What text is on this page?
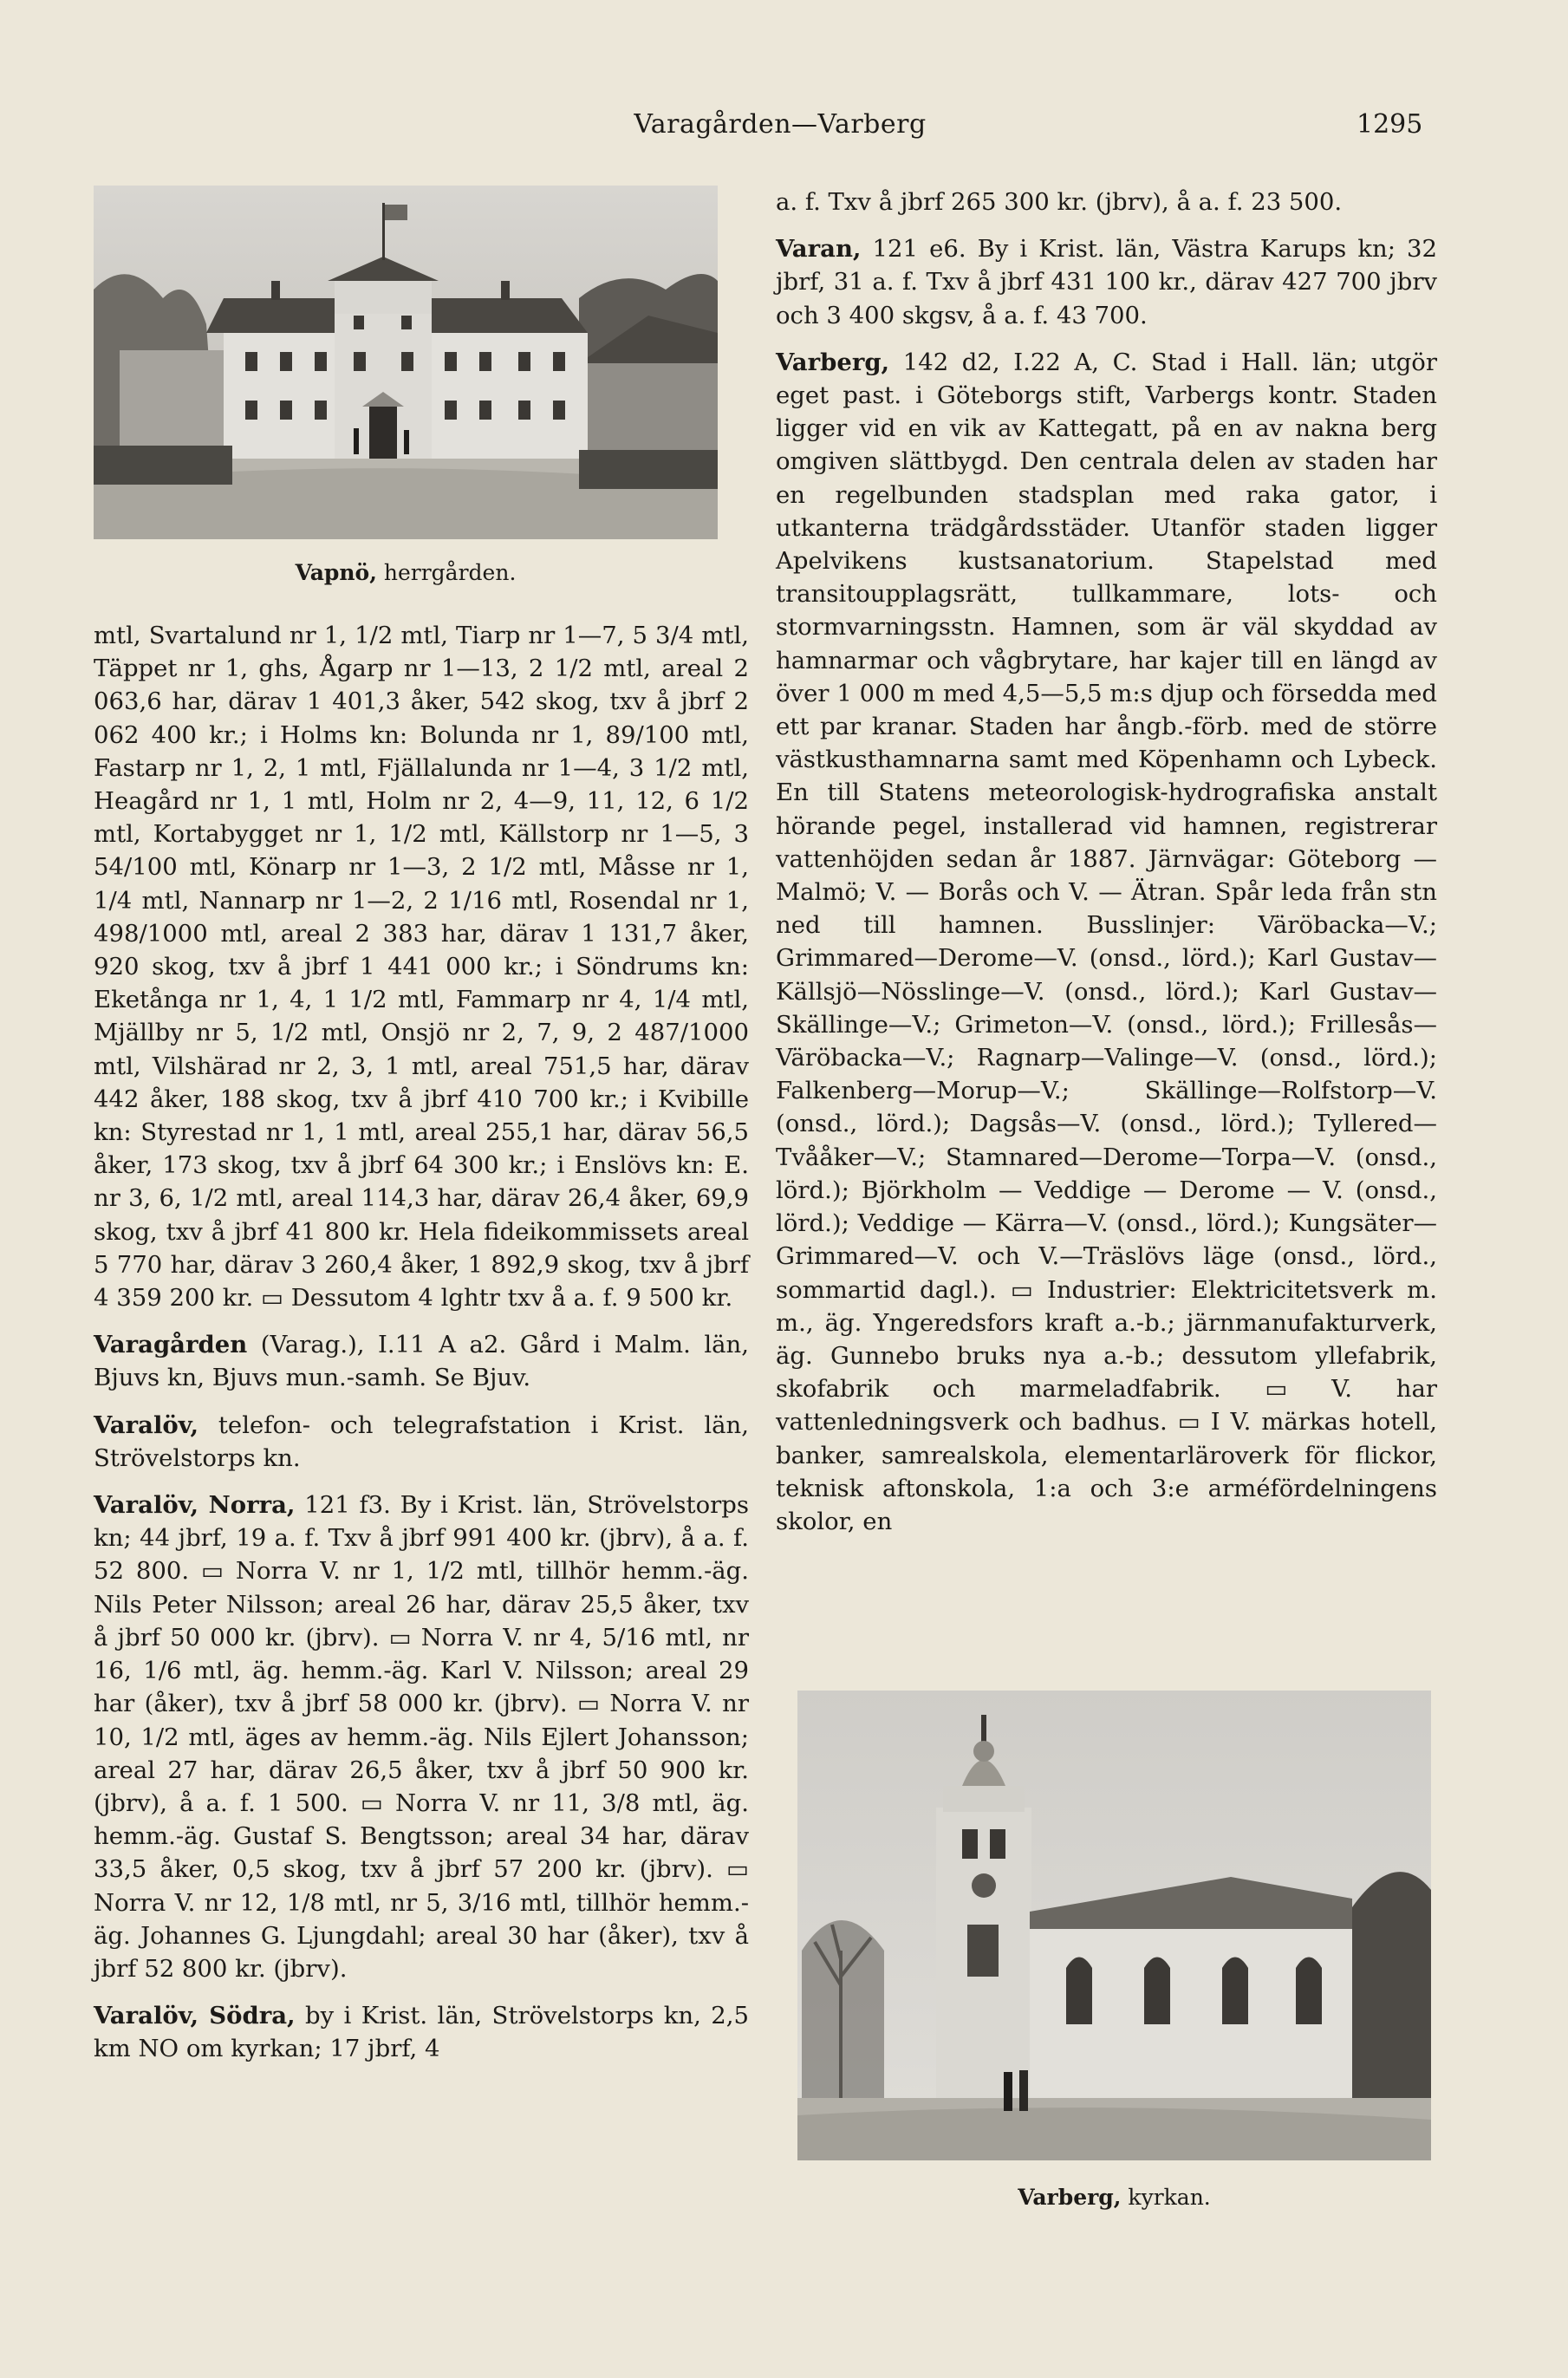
Varagården—Varberg	1295
Vapnö, herrgården.

mtl, Svartalund nr 1, 1/2 mtl, Tiarp nr 1—7, 5 3/4 mtl, Täppet nr 1, ghs, Ågarp nr 1—13, 2 1/2 mtl, areal 2 063,6 har, därav 1 401,3 åker, 542 skog, txv å jbrf 2 062 400 kr.; i Holms kn: Bolunda nr 1, 89/100 mtl, Fastarp nr 1, 2, 1 mtl, Fjällalunda nr 1—4, 3 1/2 mtl, Heagård nr 1, 1 mtl, Holm nr 2, 4—9, 11, 12, 6 1/2 mtl, Kortabygget nr 1, 1/2 mtl, Källstorp nr 1—5, 3 54/100 mtl, Könarp nr 1—3, 2 1/2 mtl, Måsse nr 1, 1/4 mtl, Nannarp nr 1—2, 2 1/16 mtl, Rosendal nr 1, 498/1000 mtl, areal 2 383 har, därav 1 131,7 åker, 920 skog, txv å jbrf 1 441 000 kr.; i Söndrums kn: Eketånga nr 1, 4, 1 1/2 mtl, Fammarp nr 4, 1/4 mtl, Mjällby nr 5, 1/2 mtl, Onsjö nr 2, 7, 9, 2 487/1000 mtl, Vilshärad nr 2, 3, 1 mtl, areal 751,5 har, därav 442 åker, 188 skog, txv å jbrf 410 700 kr.; i Kvibille kn: Styrestad nr 1, 1 mtl, areal 255,1 har, därav 56,5 åker, 173 skog, txv å jbrf 64 300 kr.; i Enslövs kn: E. nr 3, 6, 1/2 mtl, areal 114,3 har, därav 26,4 åker, 69,9 skog, txv å jbrf 41 800 kr. Hela fideikommissets areal 5 770 har, därav 3 260,4 åker, 1 892,9 skog, txv å jbrf 4 359 200 kr. ▭ Dessutom 4 lghtr txv å a. f. 9 500 kr.

Varagården (Varag.), I.11 A a2. Gård i Malm. län, Bjuvs kn, Bjuvs mun.-samh. Se Bjuv.

Varalöv, telefon- och telegrafstation i Krist. län, Strövelstorps kn.

Varalöv, Norra, 121 f3. By i Krist. län, Strövelstorps kn; 44 jbrf, 19 a. f. Txv å jbrf 991 400 kr. (jbrv), å a. f. 52 800. ▭ Norra V. nr 1, 1/2 mtl, tillhör hemm.-äg. Nils Peter Nilsson; areal 26 har, därav 25,5 åker, txv å jbrf 50 000 kr. (jbrv). ▭ Norra V. nr 4, 5/16 mtl, nr 16, 1/6 mtl, äg. hemm.-äg. Karl V. Nilsson; areal 29 har (åker), txv å jbrf 58 000 kr. (jbrv). ▭ Norra V. nr 10, 1/2 mtl, äges av hemm.-äg. Nils Ejlert Johansson; areal 27 har, därav 26,5 åker, txv å jbrf 50 900 kr. (jbrv), å a. f. 1 500. ▭ Norra V. nr 11, 3/8 mtl, äg. hemm.-äg. Gustaf S. Bengtsson; areal 34 har, därav 33,5 åker, 0,5 skog, txv å jbrf 57 200 kr. (jbrv). ▭ Norra V. nr 12, 1/8 mtl, nr 5, 3/16 mtl, tillhör hemm.-äg. Johannes G. Ljungdahl; areal 30 har (åker), txv å jbrf 52 800 kr. (jbrv).

Varalöv, Södra, by i Krist. län, Strövelstorps kn, 2,5 km NO om kyrkan; 17 jbrf, 4

a. f. Txv å jbrf 265 300 kr. (jbrv), å a. f. 23 500.

Varan, 121 e6. By i Krist. län, Västra Karups kn; 32 jbrf, 31 a. f. Txv å jbrf 431 100 kr., därav 427 700 jbrv och 3 400 skgsv, å a. f. 43 700.

Varberg, 142 d2, I.22 A, C. Stad i Hall. län; utgör eget past. i Göteborgs stift, Varbergs kontr. Staden ligger vid en vik av Kattegatt, på en av nakna berg omgiven slättbygd. Den centrala delen av staden har en regelbunden stadsplan med raka gator, i utkanterna trädgårdsstäder. Utanför staden ligger Apelvikens kustsanatorium. Stapelstad med transitoupplagsrätt, tullkammare, lots- och stormvarningsstn. Hamnen, som är väl skyddad av hamnarmar och vågbrytare, har kajer till en längd av över 1 000 m med 4,5—5,5 m:s djup och försedda med ett par kranar. Staden har ångb.-förb. med de större västkusthamnarna samt med Köpenhamn och Lybeck. En till Statens meteorologisk-hydrografiska anstalt hörande pegel, installerad vid hamnen, registrerar vattenhöjden sedan år 1887. Järnvägar: Göteborg — Malmö; V. — Borås och V. — Ätran. Spår leda från stn ned till hamnen. Busslinjer: Väröbacka—V.; Grimmared—Derome—V. (onsd., lörd.); Karl Gustav—Källsjö—Nösslinge—V. (onsd., lörd.); Karl Gustav—Skällinge—V.; Grimeton—V. (onsd., lörd.); Frillesås—Väröbacka—V.; Ragnarp—Valinge—V. (onsd., lörd.); Falkenberg—Morup—V.; Skällinge—Rolfstorp—V. (onsd., lörd.); Dagsås—V. (onsd., lörd.); Tyllered—Tvååker—V.; Stamnared—Derome—Torpa—V. (onsd., lörd.); Björkholm — Veddige — Derome — V. (onsd., lörd.); Veddige — Kärra—V. (onsd., lörd.); Kungsäter—Grimmared—V. och V.—Träslövs läge (onsd., lörd., sommartid dagl.). ▭ Industrier: Elektricitetsverk m. m., äg. Yngeredsfors kraft a.-b.; järnmanufakturverk, äg. Gunnebo bruks nya a.-b.; dessutom yllefabrik, skofabrik och marmeladfabrik. ▭ V. har vattenledningsverk och badhus. ▭ I V. märkas hotell, banker, samrealskola, elementarläroverk för flickor, teknisk aftonskola, 1:a och 3:e arméfördelningens skolor, en

Varberg, kyrkan.
